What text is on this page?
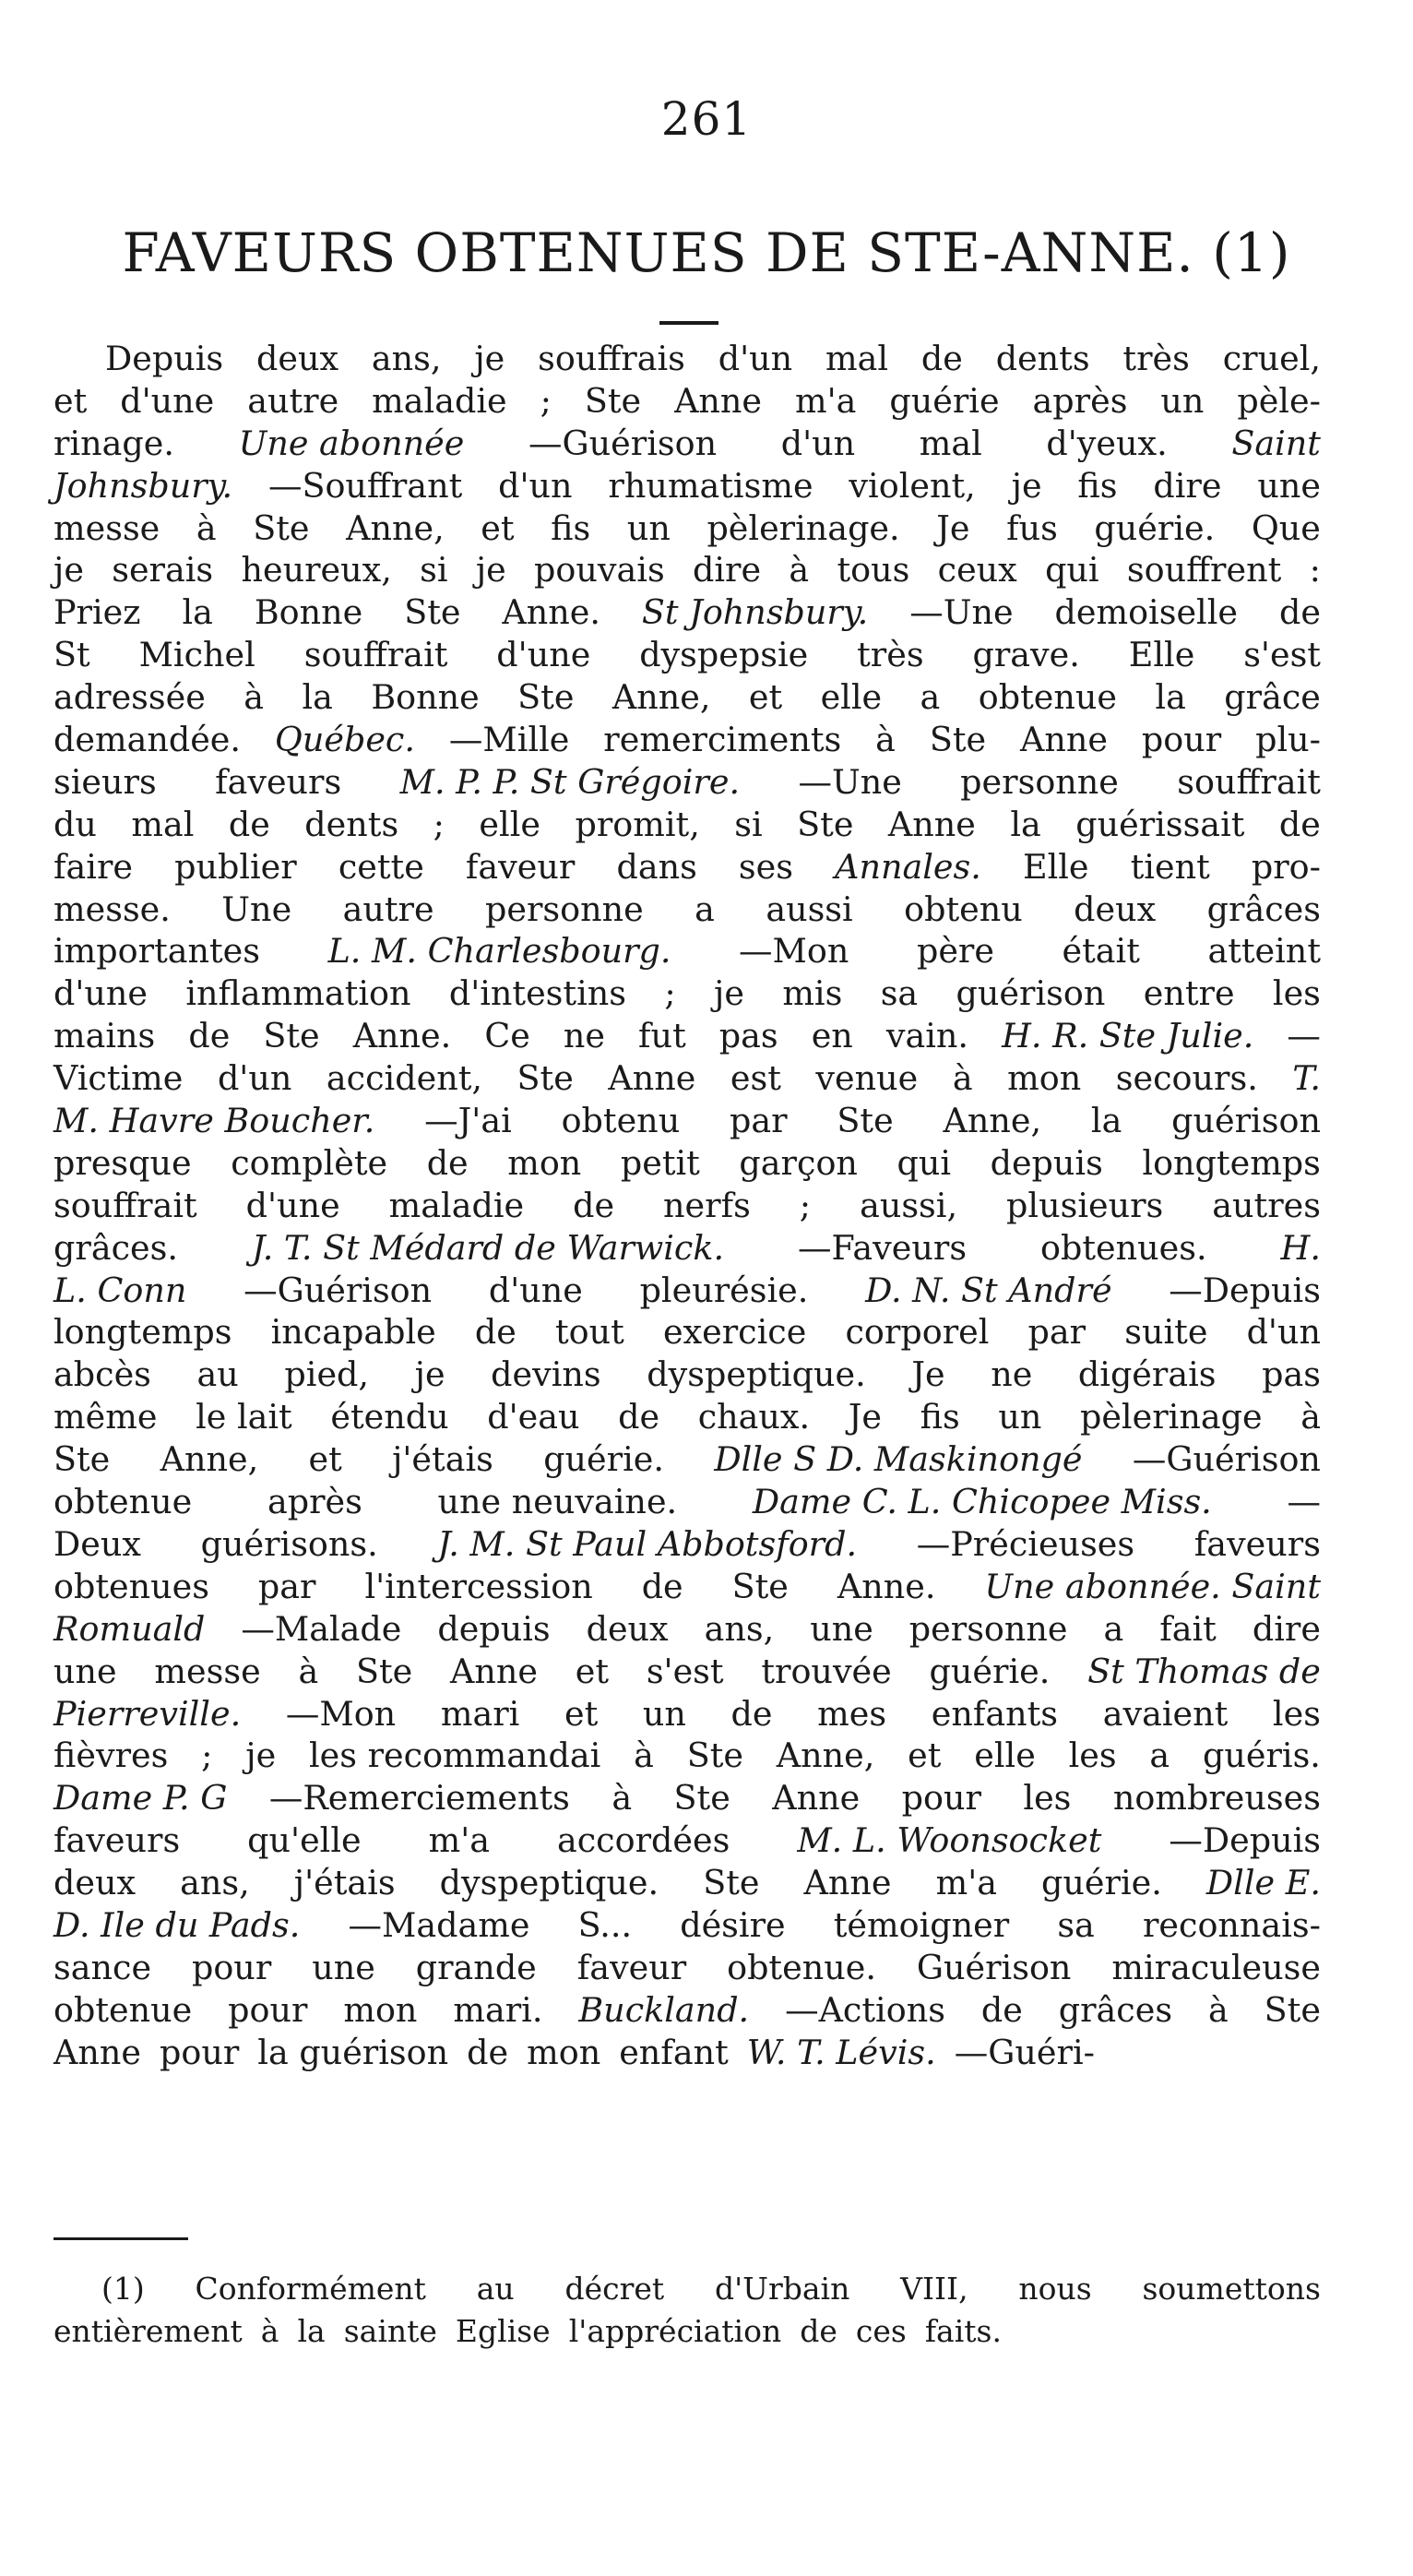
261
FAVEURS OBTENUES DE STE-ANNE. (1)
Depuis deux ans, je souffrais d'un mal de dents très cruel,
et d'une autre maladie ; Ste Anne m'a guérie après un pèle-
rinage. Une abonnée —Guérison d'un mal d'yeux. Saint
Johnsbury. —Souffrant d'un rhumatisme violent, je fis dire une
messe à Ste Anne, et fis un pèlerinage. Je fus guérie. Que
je serais heureux, si je pouvais dire à tous ceux qui souffrent :
Priez la Bonne Ste Anne. St Johnsbury. —Une demoiselle de
St Michel souffrait d'une dyspepsie très grave. Elle s'est
adressée à la Bonne Ste Anne, et elle a obtenue la grâce
demandée. Québec. —Mille remerciments à Ste Anne pour plu-
sieurs faveurs M. P. P. St Grégoire. —Une personne souffrait
du mal de dents ; elle promit, si Ste Anne la guérissait de
faire publier cette faveur dans ses Annales. Elle tient pro-
messe. Une autre personne a aussi obtenu deux grâces
importantes L. M. Charlesbourg. —Mon père était atteint
d'une inflammation d'intestins ; je mis sa guérison entre les
mains de Ste Anne. Ce ne fut pas en vain. H. R. Ste Julie. —
Victime d'un accident, Ste Anne est venue à mon secours. T.
M. Havre Boucher. —J'ai obtenu par Ste Anne, la guérison
presque complète de mon petit garçon qui depuis longtemps
souffrait d'une maladie de nerfs ; aussi, plusieurs autres
grâces. J. T. St Médard de Warwick. —Faveurs obtenues. H.
L. Conn —Guérison d'une pleurésie. D. N. St André —Depuis
longtemps incapable de tout exercice corporel par suite d'un
abcès au pied, je devins dyspeptique. Je ne digérais pas
même le lait étendu d'eau de chaux. Je fis un pèlerinage à
Ste Anne, et j'étais guérie. Dlle S D. Maskinongé —Guérison
obtenue après une neuvaine. Dame C. L. Chicopee Miss. —
Deux guérisons. J. M. St Paul Abbotsford. —Précieuses faveurs
obtenues par l'intercession de Ste Anne. Une abonnée. Saint
Romuald —Malade depuis deux ans, une personne a fait dire
une messe à Ste Anne et s'est trouvée guérie. St Thomas de
Pierreville. —Mon mari et un de mes enfants avaient les
fièvres ; je les recommandai à Ste Anne, et elle les a guéris.
Dame P. G —Remerciements à Ste Anne pour les nombreuses
faveurs qu'elle m'a accordées M. L. Woonsocket —Depuis
deux ans, j'étais dyspeptique. Ste Anne m'a guérie. Dlle E.
D. Ile du Pads. —Madame S... désire témoigner sa reconnais-
sance pour une grande faveur obtenue. Guérison miraculeuse
obtenue pour mon mari. Buckland. —Actions de grâces à Ste
Anne pour la guérison de mon enfant W. T. Lévis. —Guéri-
(1) Conformément au décret d'Urbain VIII, nous soumettons
entièrement à la sainte Eglise l'appréciation de ces faits.
